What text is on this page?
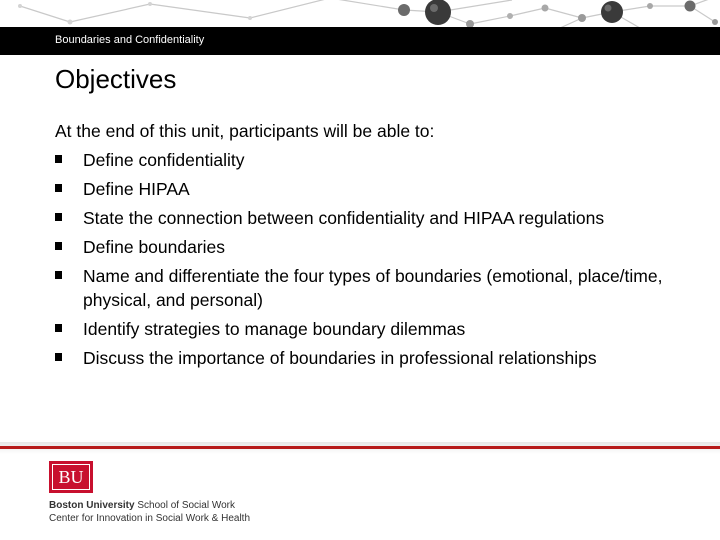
Boundaries and Confidentiality
Objectives

At the end of this unit, participants will be able to:

Define confidentiality
Define HIPAA
State the connection between confidentiality and HIPAA regulations
Define boundaries
Name and differentiate the four types of boundaries (emotional, place/time, physical, and personal)
Identify strategies to manage boundary dilemmas
Discuss the importance of boundaries in professional relationships
BU
Boston University School of Social Work
Center for Innovation in Social Work & Health
